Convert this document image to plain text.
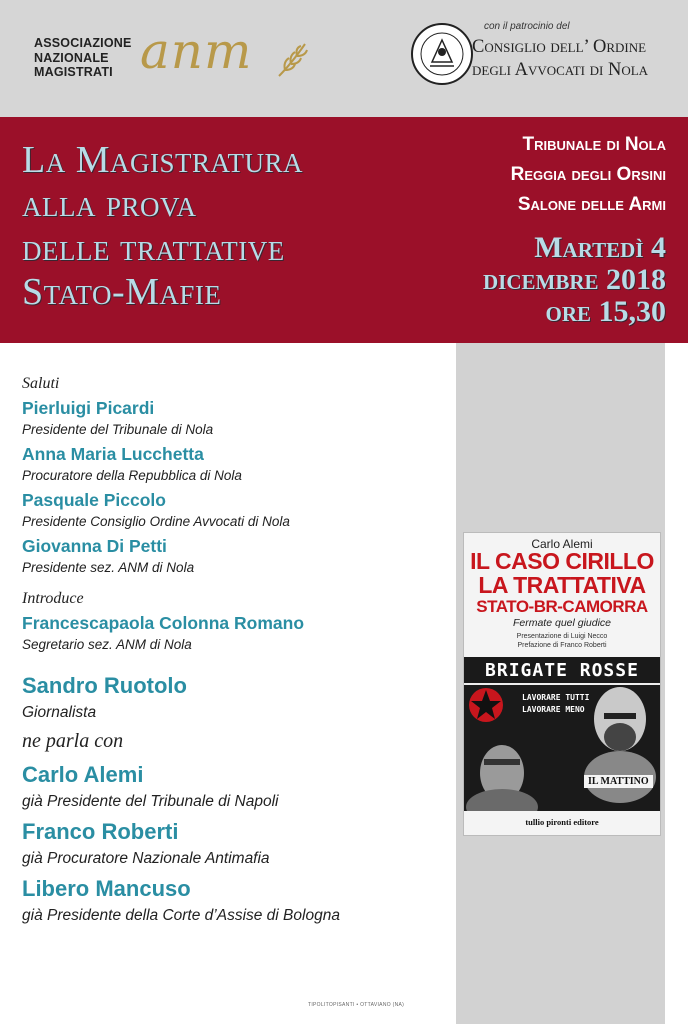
ASSOCIAZIONE
NAZIONALE
MAGISTRATI anm	con il patrocinio del
Consiglio dell’ Ordine
degli Avvocati di Nola
La Magistratura
alla prova
delle trattative
Stato-Mafie
Tribunale di Nola
Reggia degli Orsini
Salone delle Armi
Martedì 4
dicembre 2018
ore 15,30
Saluti
Pierluigi Picardi
Presidente del Tribunale di Nola
Anna Maria Lucchetta
Procuratore della Repubblica di Nola
Pasquale Piccolo
Presidente Consiglio Ordine Avvocati di Nola
Giovanna Di Petti
Presidente sez. ANM di Nola
Introduce
Francescapaola Colonna Romano
Segretario sez. ANM di Nola
Sandro Ruotolo
Giornalista
ne parla con
Carlo Alemi
già Presidente del Tribunale di Napoli
Franco Roberti
già Procuratore Nazionale Antimafia
Libero Mancuso
già Presidente della Corte d’Assise di Bologna
Carlo Alemi
IL CASO CIRILLO
LA TRATTATIVA
STATO-BR-CAMORRA
Fermate quel giudice
Presentazione di Luigi Necco
Prefazione di Franco Roberti
BRIGATE ROSSE
LAVORARE TUTTI
LAVORARE MENO
IL MATTINO
tullio pironti editore
TIPOLITOPISANTI • OTTAVIANO (NA)
